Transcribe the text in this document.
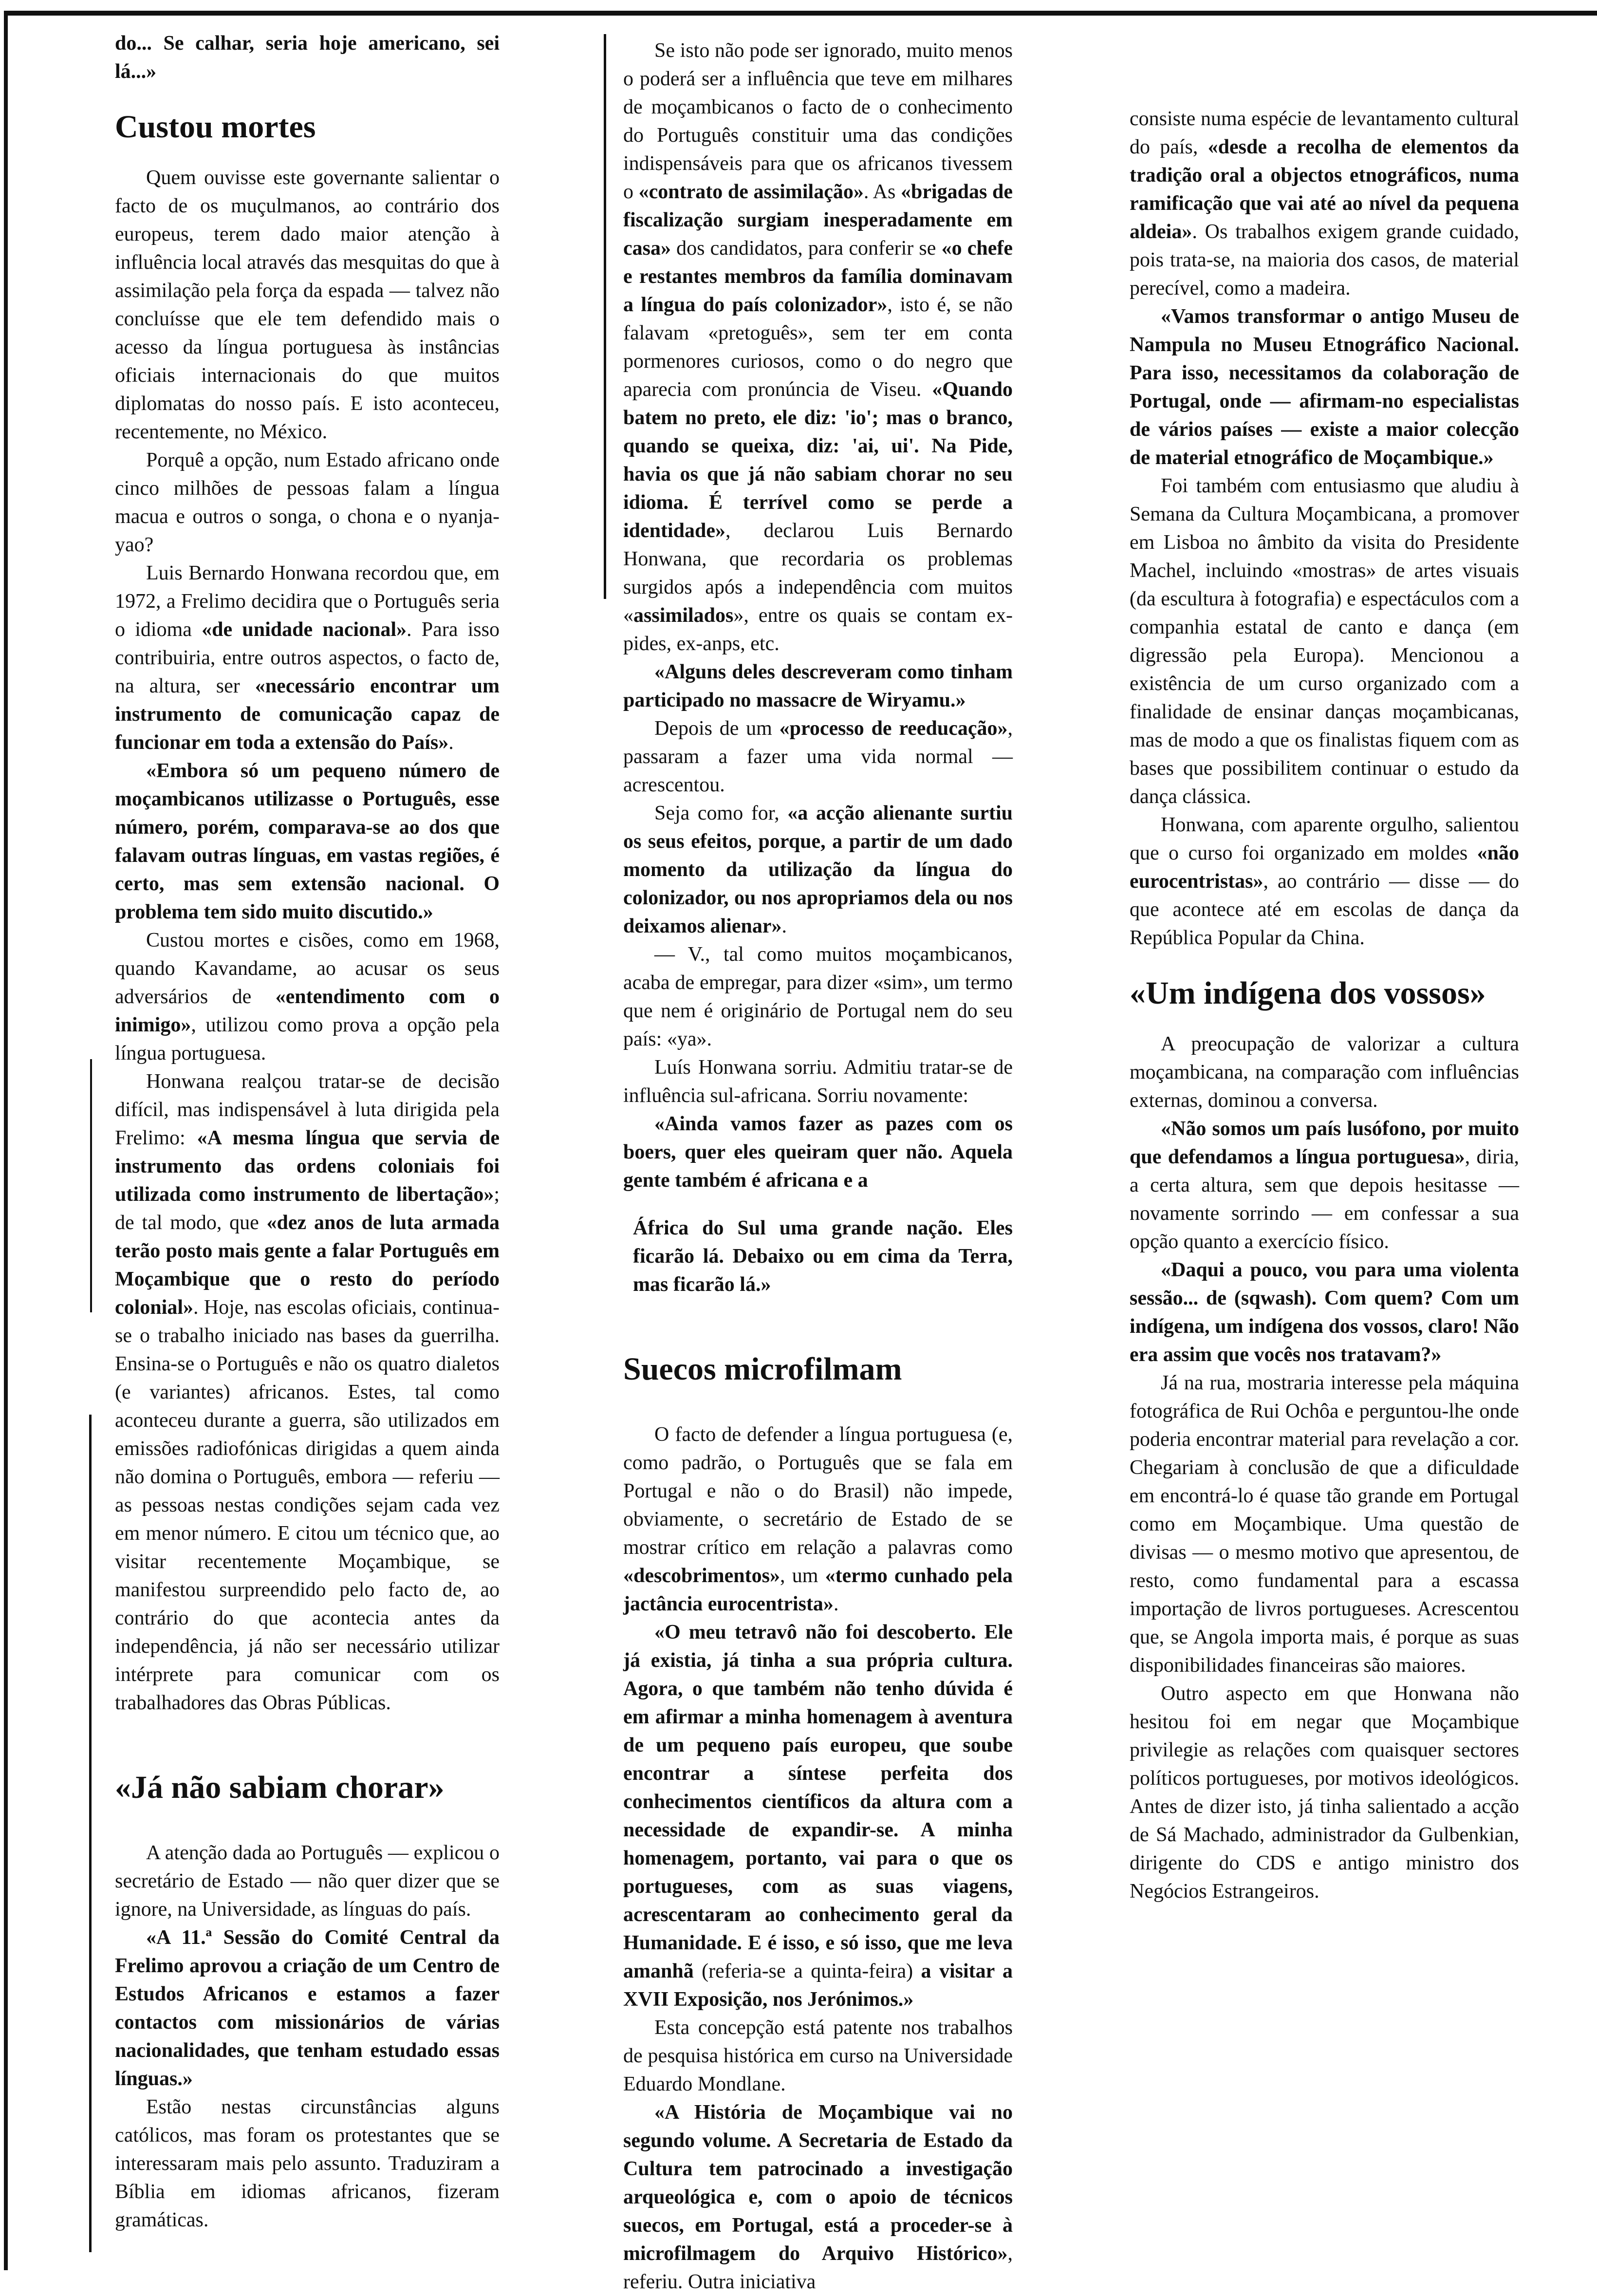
do... Se calhar, seria hoje americano, sei lá...»

Custou mortes

Quem ouvisse este governante salientar o facto de os muçulmanos, ao contrário dos europeus, terem dado maior atenção à influência local através das mesquitas do que à assimilação pela força da espada — talvez não concluísse que ele tem defendido mais o acesso da língua portuguesa às instâncias oficiais internacionais do que muitos diplomatas do nosso país. E isto aconteceu, recentemente, no México.

Porquê a opção, num Estado africano onde cinco milhões de pessoas falam a língua macua e outros o songa, o chona e o nyanja-yao?

Luis Bernardo Honwana recordou que, em 1972, a Frelimo decidira que o Português seria o idioma «de unidade nacional». Para isso contribuiria, entre outros aspectos, o facto de, na altura, ser «necessário encontrar um instrumento de comunicação capaz de funcionar em toda a extensão do País».

«Embora só um pequeno número de moçambicanos utilizasse o Português, esse número, porém, comparava-se ao dos que falavam outras línguas, em vastas regiões, é certo, mas sem extensão nacional. O problema tem sido muito discutido.»

Custou mortes e cisões, como em 1968, quando Kavandame, ao acusar os seus adversários de «entendimento com o inimigo», utilizou como prova a opção pela língua portuguesa.

Honwana realçou tratar-se de decisão difícil, mas indispensável à luta dirigida pela Frelimo: «A mesma língua que servia de instrumento das ordens coloniais foi utilizada como instrumento de libertação»; de tal modo, que «dez anos de luta armada terão posto mais gente a falar Português em Moçambique que o resto do período colonial». Hoje, nas escolas oficiais, continua-se o trabalho iniciado nas bases da guerrilha. Ensina-se o Português e não os quatro dialetos (e variantes) africanos. Estes, tal como aconteceu durante a guerra, são utilizados em emissões radiofónicas dirigidas a quem ainda não domina o Português, embora — referiu — as pessoas nestas condições sejam cada vez em menor número. E citou um técnico que, ao visitar recentemente Moçambique, se manifestou surpreendido pelo facto de, ao contrário do que acontecia antes da independência, já não ser necessário utilizar intérprete para comunicar com os trabalhadores das Obras Públicas.

«Já não sabiam chorar»

A atenção dada ao Português — explicou o secretário de Estado — não quer dizer que se ignore, na Universidade, as línguas do país.

«A 11.ª Sessão do Comité Central da Frelimo aprovou a criação de um Centro de Estudos Africanos e estamos a fazer contactos com missionários de várias nacionalidades, que tenham estudado essas línguas.»

Estão nestas circunstâncias alguns católicos, mas foram os protestantes que se interessaram mais pelo assunto. Traduziram a Bíblia em idiomas africanos, fizeram gramáticas.

Se isto não pode ser ignorado, muito menos o poderá ser a influência que teve em milhares de moçambicanos o facto de o conhecimento do Português constituir uma das condições indispensáveis para que os africanos tivessem o «contrato de assimilação». As «brigadas de fiscalização surgiam inesperadamente em casa» dos candidatos, para conferir se «o chefe e restantes membros da família dominavam a língua do país colonizador», isto é, se não falavam «pretoguês», sem ter em conta pormenores curiosos, como o do negro que aparecia com pronúncia de Viseu. «Quando batem no preto, ele diz: 'io'; mas o branco, quando se queixa, diz: 'ai, ui'. Na Pide, havia os que já não sabiam chorar no seu idioma. É terrível como se perde a identidade», declarou Luis Bernardo Honwana, que recordaria os problemas surgidos após a independência com muitos «assimilados», entre os quais se contam ex-pides, ex-anps, etc.

«Alguns deles descreveram como tinham participado no massacre de Wiryamu.»

Depois de um «processo de reeducação», passaram a fazer uma vida normal — acrescentou.

Seja como for, «a acção alienante surtiu os seus efeitos, porque, a partir de um dado momento da utilização da língua do colonizador, ou nos apropriamos dela ou nos deixamos alienar».

— V., tal como muitos moçambicanos, acaba de empregar, para dizer «sim», um termo que nem é originário de Portugal nem do seu país: «ya».

Luís Honwana sorriu. Admitiu tratar-se de influência sul-africana. Sorriu novamente:

«Ainda vamos fazer as pazes com os boers, quer eles queiram quer não. Aquela gente também é africana e a

África do Sul uma grande nação. Eles ficarão lá. Debaixo ou em cima da Terra, mas ficarão lá.»

Suecos microfilmam

O facto de defender a língua portuguesa (e, como padrão, o Português que se fala em Portugal e não o do Brasil) não impede, obviamente, o secretário de Estado de se mostrar crítico em relação a palavras como «descobrimentos», um «termo cunhado pela jactância eurocentrista».

«O meu tetravô não foi descoberto. Ele já existia, já tinha a sua própria cultura. Agora, o que também não tenho dúvida é em afirmar a minha homenagem à aventura de um pequeno país europeu, que soube encontrar a síntese perfeita dos conhecimentos científicos da altura com a necessidade de expandir-se. A minha homenagem, portanto, vai para o que os portugueses, com as suas viagens, acrescentaram ao conhecimento geral da Humanidade. E é isso, e só isso, que me leva amanhã (referia-se a quinta-feira) a visitar a XVII Exposição, nos Jerónimos.»

Esta concepção está patente nos trabalhos de pesquisa histórica em curso na Universidade Eduardo Mondlane.

«A História de Moçambique vai no segundo volume. A Secretaria de Estado da Cultura tem patrocinado a investigação arqueológica e, com o apoio de técnicos suecos, em Portugal, está a proceder-se à microfilmagem do Arquivo Histórico», referiu. Outra iniciativa

consiste numa espécie de levantamento cultural do país, «desde a recolha de elementos da tradição oral a objectos etnográficos, numa ramificação que vai até ao nível da pequena aldeia». Os trabalhos exigem grande cuidado, pois trata-se, na maioria dos casos, de material perecível, como a madeira.

«Vamos transformar o antigo Museu de Nampula no Museu Etnográfico Nacional. Para isso, necessitamos da colaboração de Portugal, onde — afirmam-no especialistas de vários países — existe a maior colecção de material etnográfico de Moçambique.»

Foi também com entusiasmo que aludiu à Semana da Cultura Moçambicana, a promover em Lisboa no âmbito da visita do Presidente Machel, incluindo «mostras» de artes visuais (da escultura à fotografia) e espectáculos com a companhia estatal de canto e dança (em digressão pela Europa). Mencionou a existência de um curso organizado com a finalidade de ensinar danças moçambicanas, mas de modo a que os finalistas fiquem com as bases que possibilitem continuar o estudo da dança clássica.

Honwana, com aparente orgulho, salientou que o curso foi organizado em moldes «não eurocentristas», ao contrário — disse — do que acontece até em escolas de dança da República Popular da China.

«Um indígena dos vossos»

A preocupação de valorizar a cultura moçambicana, na comparação com influências externas, dominou a conversa.

«Não somos um país lusófono, por muito que defendamos a língua portuguesa», diria, a certa altura, sem que depois hesitasse — novamente sorrindo — em confessar a sua opção quanto a exercício físico.

«Daqui a pouco, vou para uma violenta sessão... de (sqwash). Com quem? Com um indígena, um indígena dos vossos, claro! Não era assim que vocês nos tratavam?»

Já na rua, mostraria interesse pela máquina fotográfica de Rui Ochôa e perguntou-lhe onde poderia encontrar material para revelação a cor. Chegariam à conclusão de que a dificuldade em encontrá-lo é quase tão grande em Portugal como em Moçambique. Uma questão de divisas — o mesmo motivo que apresentou, de resto, como fundamental para a escassa importação de livros portugueses. Acrescentou que, se Angola importa mais, é porque as suas disponibilidades financeiras são maiores.

Outro aspecto em que Honwana não hesitou foi em negar que Moçambique privilegie as relações com quaisquer sectores políticos portugueses, por motivos ideológicos. Antes de dizer isto, já tinha salientado a acção de Sá Machado, administrador da Gulbenkian, dirigente do CDS e antigo ministro dos Negócios Estrangeiros.
